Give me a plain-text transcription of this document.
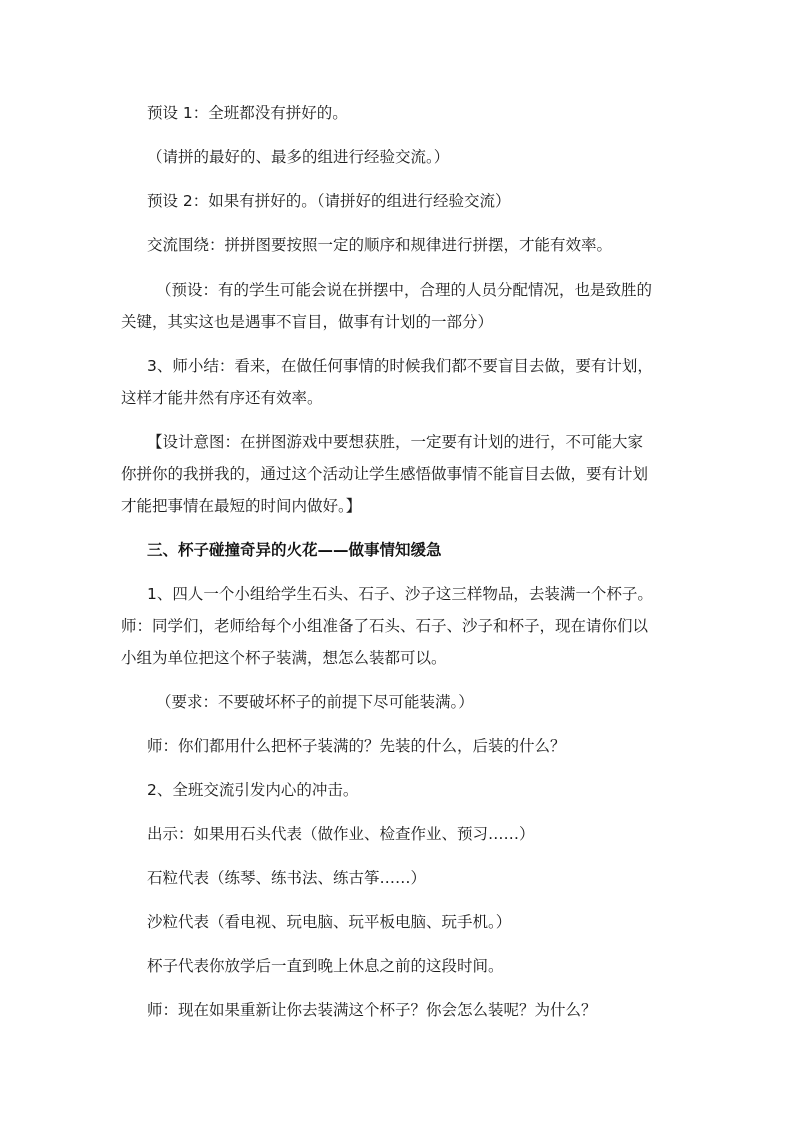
预设 1：全班都没有拼好的。
（请拼的最好的、最多的组进行经验交流。）
预设 2：如果有拼好的。（请拼好的组进行经验交流）
交流围绕：拼拼图要按照一定的顺序和规律进行拼摆，才能有效率。
（预设：有的学生可能会说在拼摆中，合理的人员分配情况，也是致胜的
关键，其实这也是遇事不盲目，做事有计划的一部分）
3、师小结：看来，在做任何事情的时候我们都不要盲目去做，要有计划，
这样才能井然有序还有效率。
【设计意图：在拼图游戏中要想获胜，一定要有计划的进行，不可能大家
你拼你的我拼我的，通过这个活动让学生感悟做事情不能盲目去做，要有计划
才能把事情在最短的时间内做好。】
三、杯子碰撞奇异的火花——做事情知缓急
1、四人一个小组给学生石头、石子、沙子这三样物品，去装满一个杯子。
师：同学们，老师给每个小组准备了石头、石子、沙子和杯子，现在请你们以
小组为单位把这个杯子装满，想怎么装都可以。
（要求：不要破坏杯子的前提下尽可能装满。）
师：你们都用什么把杯子装满的？先装的什么，后装的什么？
2、全班交流引发内心的冲击。
出示：如果用石头代表（做作业、检查作业、预习……）
石粒代表（练琴、练书法、练古筝……）
沙粒代表（看电视、玩电脑、玩平板电脑、玩手机。）
杯子代表你放学后一直到晚上休息之前的这段时间。
师：现在如果重新让你去装满这个杯子？你会怎么装呢？为什么？
